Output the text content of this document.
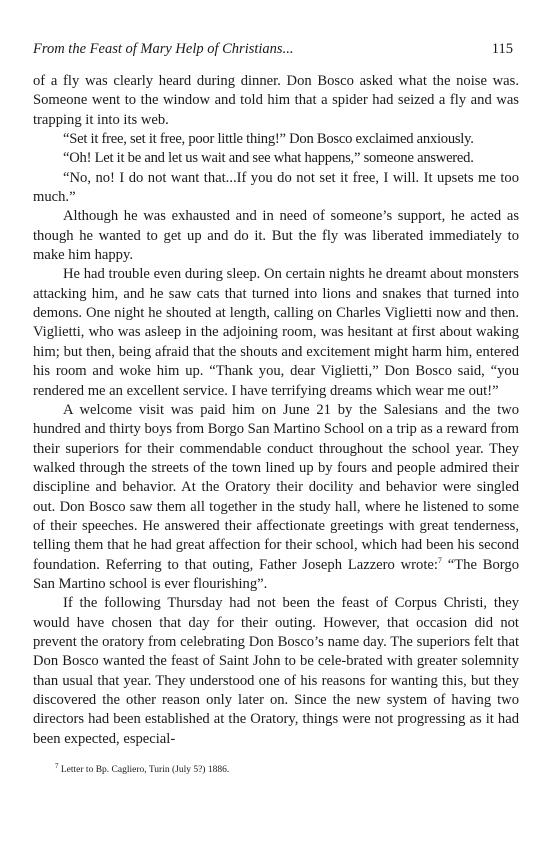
From the Feast of Mary Help of Christians...	115

of a fly was clearly heard during dinner. Don Bosco asked what the noise was. Someone went to the window and told him that a spider had seized a fly and was trapping it into its web.

“Set it free, set it free, poor little thing!” Don Bosco exclaimed anxiously.

“Oh! Let it be and let us wait and see what happens,” someone answered.

“No, no! I do not want that...If you do not set it free, I will. It upsets me too much.”

Although he was exhausted and in need of someone’s support, he acted as though he wanted to get up and do it. But the fly was liberated immediately to make him happy.

He had trouble even during sleep. On certain nights he dreamt about monsters attacking him, and he saw cats that turned into lions and snakes that turned into demons. One night he shouted at length, calling on Charles Viglietti now and then. Viglietti, who was asleep in the adjoining room, was hesitant at first about waking him; but then, being afraid that the shouts and excitement might harm him, entered his room and woke him up. “Thank you, dear Viglietti,” Don Bosco said, “you rendered me an excellent service. I have terrifying dreams which wear me out!”

A welcome visit was paid him on June 21 by the Salesians and the two hundred and thirty boys from Borgo San Martino School on a trip as a reward from their superiors for their commendable conduct throughout the school year. They walked through the streets of the town lined up by fours and people admired their discipline and behavior. At the Oratory their docility and behavior were singled out. Don Bosco saw them all together in the study hall, where he listened to some of their speeches. He answered their affectionate greetings with great tenderness, telling them that he had great affection for their school, which had been his second foundation. Referring to that outing, Father Joseph Lazzero wrote:$^7$ “The Borgo San Martino school is ever flourishing”.

If the following Thursday had not been the feast of Corpus Christi, they would have chosen that day for their outing. However, that occasion did not prevent the oratory from celebrating Don Bosco’s name day. The superiors felt that Don Bosco wanted the feast of Saint John to be cele-brated with greater solemnity than usual that year. They understood one of his reasons for wanting this, but they discovered the other reason only later on. Since the new system of having two directors had been established at the Oratory, things were not progressing as it had been expected, especial-

$^7$ Letter to Bp. Cagliero, Turin (July 5?) 1886.
